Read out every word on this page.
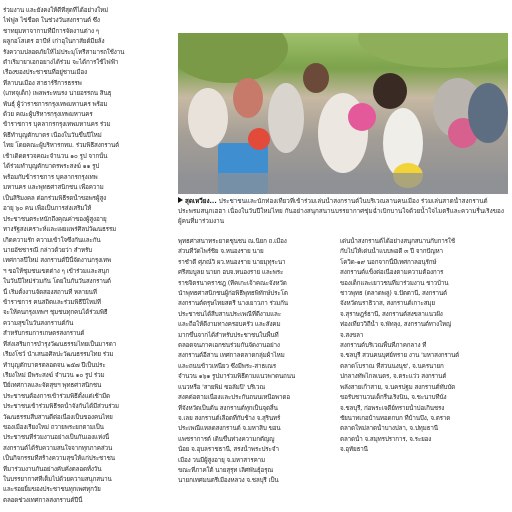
ร่วมงาน และยังคงให้ดีที่สุดที่ได้อย่างใหม่

ไฟฟูล ไข่ชื่อด ในช่วงวันสงกรานต์ ซึ่ง

ชาทยุมหาจากามที่มีการจัดงานต่าง ๆ

ผลูกอโสเตร ฮาบีห์ เก่าอุในกาสัยด์มียล้ง

รังความปลอดภัยให้ไม่ประมุโทรีสามารถใช้งาน

ตำเริ่มายาเอกอยางได้ร่วม จะได้การใช้ไฟฟ้า

เรื่องของประชาชนที่อยู่ชานเมือง

ที่ลาบนเมือง สาธาร์รีการธรรพ

(เภทจุเด็ก) เพลพระหนรง นายอรรถน สินธุ

พันธุ์ ผู้ว่าราชการกรุงเทพมหานคร พร้อม

ด้วย คณะผู้บริหารกรุงเทพมหานคร

ข้าราชการ บุคลากรกรุงเทพมหานคร ร่วม

พิธีทำบุญตักบาตร เนื่องในวันขึ้นปีใหม่

ไทย โดยคณะผู้บริหารกทม. ร่วมพิธีสงกรานต์

เช้าเดิดตรวจคณะจำนวน ๑๐ รูป จากนั้น

ได้ร่วมทำบุญตักบาตรพระสงฆ์ ๑๑ รูป

พร้อมกับข้าราชการ บุคลากรกรุงเทพ

มหานคร และพุทธศาสนิกชน เพื่อความ

สุดเหวี่ยง... ประชาชนและนักท่องเที่ยวที่เข้าร่วมเล่นน้ำสงกรานต์ในบริเวณลานคนเมือง ร่วมเล่นสาดน้ำสงกรานต์ ประพรมสนุกเฮฮา เนื่องในวันปีใหม่ไทย กันอย่างสนุกสนานบรรยากาศชุ่มฉ่ำเบิกบานใจด้วยน้ำใจไมตรีและความรื่นเริงของผู้คนที่มาร่วมงาน

เป็นสิริมงคล ต่อกร่วมพิธีรดน้ำขอพรผู้สูง

อายุ ๖๐ คน เพื่อเป็นการส่งเสริมให้

ประชาชนตระหนักถึงคุณค่าของผู้สูงอายุ

ทางรัฐสงเคราะห์และเผยแพร่ศิลปวัฒนธรรม

เกิดความรัก ความเข้าใจซึ่งกันและกัน

นายอัชชารณี กล่าวด้วยว่า สำหรับ

เทศกาลปีใหม่ สงกรานต์ปีนี้จัดงานกรุงเทพ

ฯ ขอให้ชุมชนเขตต่าง ๆ เข้าร่วมและสนุก

ในวันปีใหม่ร่วมกัน โดยในกันวันสงกรานต์

นี้ เริ่มตั้งงานจัดสองสถานที่ หลายนที่

ข้าราชการ คนสถิตและร่วมพิธีปีใหม่ที่

จะให้คนกรุงเทพฯ ชุมชนทุกคนได้ร่วมพิธี

ความสุขในวันสงกรานต์กัน

สำหรับกรมการเกษตรสงกรานต์

ที่ส่งเสริมการบำรุงวัฒนธรรมไทยเป็นมารดา

เรียงโชว์ นำเสนอศิลปะวัฒนธรรมไทย ร่วม

ทำบุญตักบาตรตลอดจน ๒๕๗ ปีเป็นประ

เรียงใหม่ มีพระสงฆ์ จำนวน ๑๐ รูป ร่วม

ปีย์เทศกาลและจัดสุขฯ พุทธศาสนิกชน

ประชาชนต้องการเข้าร่วมพิธีตั้งแต่เช้ามืด

ประชาชนเข้าร่วมพิธีรดน้ำจังกันได้มีส่วนร่วม

วัฒนธรรมสืบสานดีต่อเนื่องเป็นของคนไทย

ของเมืองเรียงใหม่ ถวายพระยกตามเป็น

ประชาชนที่ร่วมงานอย่างเป็นกันเองแห่งนี้

สงกรานต์ได้รับความสนใจจากทุกภาคส่วน

เป็นกิจกรรมที่สร้างความสุขให้แก่ประชาชน

ที่มาร่วมงานกันอย่างคับคั่งตลอดทั้งวัน

ในบรรยากาศที่เต็มไปด้วยความสนุกสนาน

และรอยยิ้มของประชาชนทุกเพศทุกวัย

ตลอดช่วงเทศกาลสงกรานต์ปีนี้

พุทธศาสนาทระยาดชุนชน ณ.นิยก ถ.เมือง

ส่วนที่วัดไพร์ชิย จ.หนองราย นาย

ราชำดี ศุภณ์วิ ผว.หนองราย นายมุทุระนา

ศรีสมบูลย นายก อบจ.หนองราย และพระ

ราชจิตรนาคราชฎ (ทีคเกะเจ้าคณะจังหวัด

นำพุทธศาสนิกชนผู้ก่อพิธีพุทธพิทักษ์ประโต

สงกรานต์ตรุษไทยสตรี นางเยาวภา ร่วมกัน

ประชาชนได้สืบสานประเพณีที่ดีงามและ

และถือให้ดีงามทางครอบครัว และสังคม

มากขึ้นจากได้สำหรับประชาชนในพื้นที่

ตลอดจนภาคเอกชนร่วมกันจัดงานอย่าง

สงกรานต์อีสาน เทศกาลตลาดกลุ่มผ้าไหม

และถนนข้าวเหนียว ซึ่งมีพระ-สาธเณร

จำนวน ๑๖๑ รูปมาร่วมพิธีตามแนวพาดนถนน

แนวหรือ 'สายพิม่ ซอลัมปิ' บริเวณ

สงคต่อตามเนื่องและประกันถนนเหนือพาดอ

ที่จังหวัดเป็นต้น สงกรานต์ทุกเป็นจุดสิ้น

จ.เลย สงกรานต์เลือดที่กับช้าง จ.สุรินทร์

ประเพณีแหลดสงกรานต์ จ.มหาสิบ ขอน

แพชราการต์ เดินขึ้นท่วงความกตัญญู

น้อย จ.อุบลราชธานี, สรงน้ำพระประจำ

เมือง วนมีผู้สูงอายุ จ.มหาสารคาม

ขณะที่ภาคใต้ นายสุรุท เลิศพันธุ์อรุณ

นายกเทศมนตรีเมืองหลวง จ.ชลบุรี เป็น

เด่นน้ำสงกรานต์ได้อย่างสนุกสนานกับการใช้

กับไปให้เด่นน้ำแบบพอดี ๓ ปี จากปัญหา

โควิด-๑๙ นอกจากนี้มีเทศกาลอนุรักษ์

สงกรานต์แข็งต่อเนื่องตามความต้องการ

ของเด็กและเยาวชนที่มาร่วมงาน ชาวบ้าน

ชาวพุทธ (ตลาดพลู) จ.ปัตตานี, สงกรานต์

จังหวัดนราธิวาส, สงกรานต์เกาะสมุย

จ.สุราษฎร์ธานี, สงกรานต์สงขลาแนวฝั่ง

ท่องเที่ยววิถีน้ำ จ.พัทลุง, สงกรานต์ทางใหญ่

จ.สงขลา

สงกรานต์บริเวณพื้นที่ภาคกลาง ที่

จ.ชลบุรี สวนคนบุศย์ทราย งาน 'มหาสงกรานต์

ตลาดโบราณ ที่สวนนงนุช', จ.นครนายก

ปกลางทัพไกลเนตร, จ.ตระแว่ว สงกรานต์

พลังสายเก้าสาย, จ.นครปฐม สงกรานต์ทับบัด

ขอรับชานวนเด็กรื่นเริงนิน, จ.ชะนาบทีนั่ง

จ.ชลบุรี, ก่อพระเจดีย์ทรายน้ำบ่อเกินชรง

ชัยนาทเกอบ้านทอดกบก ที่บ้านบึง, จ.ตราด

ตลาดใหม่ลาดน้ำบางปลา, จ.ปทุมธานี

ตลาดน้ำ จ.สมุทรปราการ, จ.ระยอง

จ.อุทัยธานี
